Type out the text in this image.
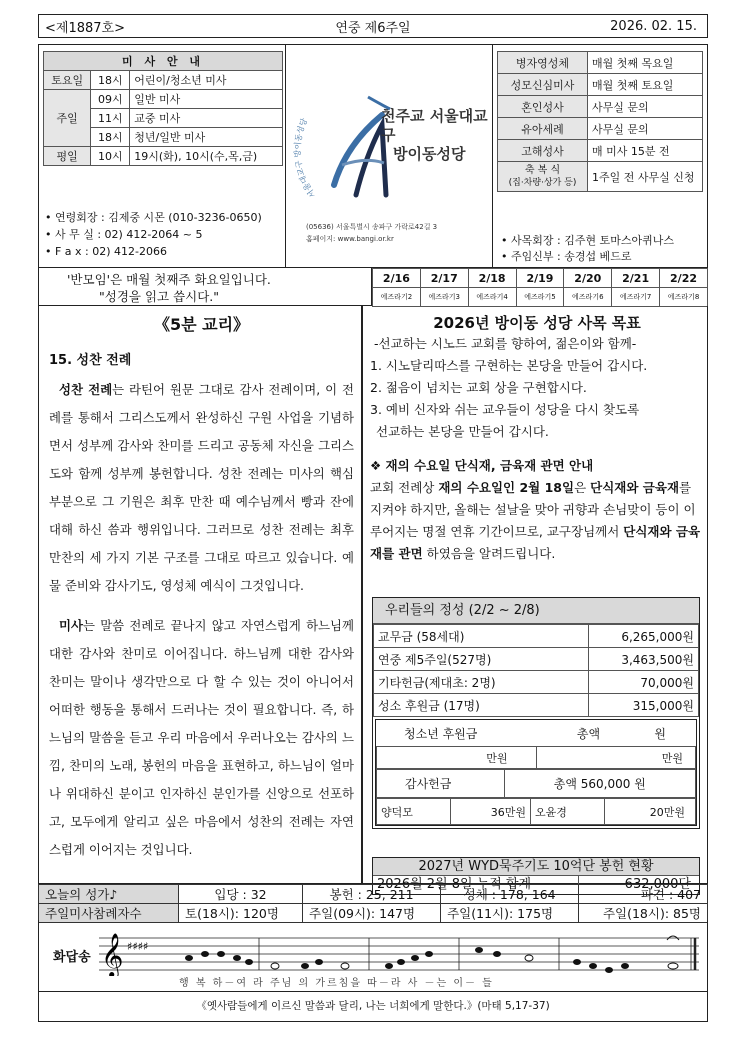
<제1887호>	연중 제6주일	2026. 02. 15.
미 사 안 내		
토요일	18시	어린이/청소년 미사
주일	09시	일반 미사
	11시	교중 미사
	18시	청년/일반 미사
평일	10시	19시(화), 10시(수,목,금)
• 연령회장 : 김제중 시몬 (010-3236-0650)
• 사 무 실 : 02) 412-2064 ~ 5
• F a x : 02) 412-2066
서울대교구 방이동성당	천주교 서울대교구
방이동성당
(05636) 서울특별시 송파구 가락로42길 3
홈페이지: www.bangi.or.kr
병자영성체	매월 첫째 목요일
성모신심미사	매월 첫째 토요일
혼인성사	사무실 문의
유아세례	사무실 문의
고해성사	매 미사 15분 전

축 복 식
(집·차량·상가 등)	1주일 전 사무실 신청
• 사목회장 : 김주현 토마스아퀴나스
• 주임신부 : 송경섭 베드로
'반모임'은 매월 첫째주 화요일입니다.
"성경을 읽고 씁시다."
2/16	2/17	2/18	2/19	2/20	2/21	2/22
에즈라기2	에즈라기3	에즈라기4	에즈라기5	에즈라기6	에즈라기7	에즈라기8
《5분 교리》
15. 성찬 전례

성찬 전례는 라틴어 원문 그대로 감사 전례이며, 이 전례를 통해서 그리스도께서 완성하신 구원 사업을 기념하면서 성부께 감사와 찬미를 드리고 공동체 자신을 그리스도와 함께 성부께 봉헌합니다. 성찬 전례는 미사의 핵심 부분으로 그 기원은 최후 만찬 때 예수님께서 빵과 잔에 대해 하신 씀과 행위입니다. 그러므로 성찬 전례는 최후 만찬의 세 가지 기본 구조를 그대로 따르고 있습니다. 예물 준비와 감사기도, 영성체 예식이 그것입니다.

미사는 말씀 전례로 끝나지 않고 자연스럽게 하느님께 대한 감사와 찬미로 이어집니다. 하느님께 대한 감사와 찬미는 말이나 생각만으로 다 할 수 있는 것이 아니어서 어떠한 행동을 통해서 드러나는 것이 필요합니다. 즉, 하느님의 말씀을 듣고 우리 마음에서 우러나오는 감사의 느낌, 찬미의 노래, 봉헌의 마음을 표현하고, 하느님이 얼마나 위대하신 분이고 인자하신 분인가를 신앙으로 선포하고, 모두에게 알리고 싶은 마음에서 성찬의 전례는 자연스럽게 이어지는 것입니다.

2026년 방이동 성당 사목 목표
-선교하는 시노드 교회를 향하여, 젊은이와 함께-
1. 시노달리따스를 구현하는 본당을 만들어 갑시다.
2. 젊음이 넘치는 교회 상을 구현합시다.
3. 예비 신자와 쉬는 교우들이 성당을 다시 찾도록
선교하는 본당을 만들어 갑시다.
❖ 재의 수요일 단식재, 금육재 관면 안내
교회 전례상 재의 수요일인 2월 18일은 단식재와 금육재를 지켜야 하지만, 올해는 설날을 맞아 귀향과 손님맞이 등이 이루어지는 명절 연휴 기간이므로, 교구장님께서 단식재와 금육재를 관면 하였음을 알려드립니다.
우리들의 정성 (2/2 ~ 2/8)
교무금 (58세대)	6,265,000원
연중 제5주일(527명)	3,463,500원
기타헌금(제대초: 2명)	70,000원
성소 후원금 (17명)	315,000원
청소년 후원금	총액	원
만원	만원
감사헌금	총액 560,000 원
양덕모	36만원	오윤경	20만원
2027년 WYD묵주기도 10억단 봉헌 현황
2026월 2월 8일 누적 합계	632,000단
오늘의 성가♪	입당 : 32	봉헌 : 25, 211	성체 : 178, 164	파견 : 407
주일미사참례자수	토(18시): 120명	주일(09시): 147명	주일(11시): 175명	주일(18시): 85명
화답송 𝄞 ♯♯♯♯
행 복 하－여 라 주님 의 가르침을 따－라 사 －는 이－ 들
《옛사람들에게 이르신 말씀과 달리, 나는 너희에게 말한다.》(마태 5,17-37)
